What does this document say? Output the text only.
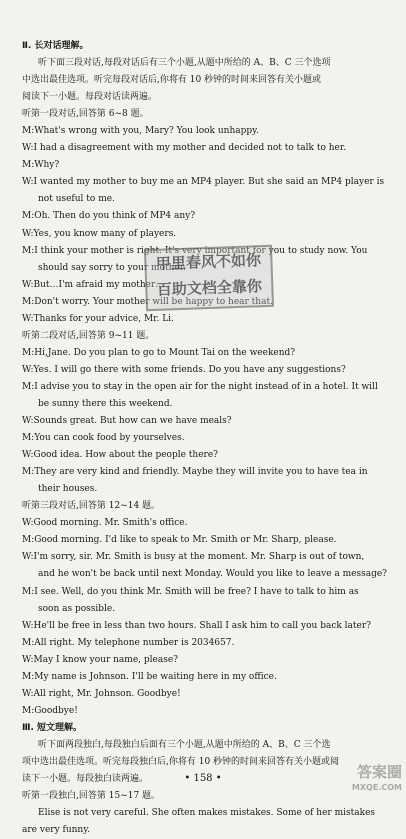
Ⅱ. 长对话理解。
听下面三段对话,每段对话后有三个小题,从题中所给的 A、B、C 三个选项
中选出最佳选项。听完每段对话后,你将有 10 秒钟的时间来回答有关小题或
阅读下一小题。每段对话读两遍。
听第一段对话,回答第 6~8 题。
M:What's wrong with you, Mary? You look unhappy.
W:I had a disagreement with my mother and decided not to talk to her.
M:Why?
W:I wanted my mother to buy me an MP4 player. But she said an MP4 player is
not useful to me.
M:Oh. Then do you think of MP4 any?
W:Yes, you know many of players.
M:I think your mother is right. It's very important for you to study now. You
should say sorry to your mother.
W:But…I'm afraid my mother…
M:Don't worry. Your mother will be happy to hear that.
W:Thanks for your advice, Mr. Li.
听第二段对话,回答第 9~11 题。
M:Hi,Jane. Do you plan to go to Mount Tai on the weekend?
W:Yes. I will go there with some friends. Do you have any suggestions?
M:I advise you to stay in the open air for the night instead of in a hotel. It will
be sunny there this weekend.
W:Sounds great. But how can we have meals?
M:You can cook food by yourselves.
W:Good idea. How about the people there?
M:They are very kind and friendly. Maybe they will invite you to have tea in
their houses.
听第三段对话,回答第 12~14 题。
W:Good morning. Mr. Smith's office.
M:Good morning. I'd like to speak to Mr. Smith or Mr. Sharp, please.
W:I'm sorry, sir. Mr. Smith is busy at the moment. Mr. Sharp is out of town,
and he won't be back until next Monday. Would you like to leave a message?
M:I see. Well, do you think Mr. Smith will be free? I have to talk to him as
soon as possible.
W:He'll be free in less than two hours. Shall I ask him to call you back later?
M:All right. My telephone number is 2034657.
W:May I know your name, please?
M:My name is Johnson. I'll be waiting here in my office.
W:All right, Mr. Johnson. Goodbye!
M:Goodbye!
Ⅲ. 短文理解。
听下面两段独白,每段独白后面有三个小题,从题中所给的 A、B、C 三个选
项中选出最佳选项。听完每段独白后,你将有 10 秒钟的时间来回答有关小题或阅
读下一小题。每段独白读两遍。
听第一段独白,回答第 15~17 题。
Elise is not very careful. She often makes mistakes. Some of her mistakes
are very funny.
甲里春风不如你
百助文档全靠你
• 158 •	答案圈
MXQE.COM
